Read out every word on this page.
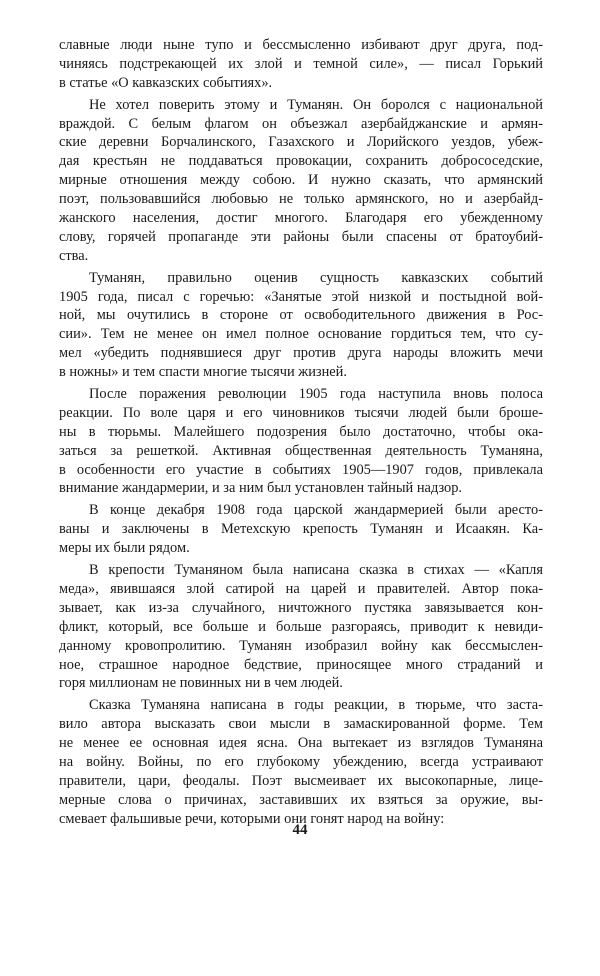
славные люди ныне тупо и бессмысленно избивают друг друга, под-
чиняясь подстрекающей их злой и темной силе», — писал Горький
в статье «О кавказских событиях».
Не хотел поверить этому и Туманян. Он боролся с национальной
враждой. С белым флагом он объезжал азербайджанские и армян-
ские деревни Борчалинского, Газахского и Лорийского уездов, убеж-
дая крестьян не поддаваться провокации, сохранить добрососедские,
мирные отношения между собою. И нужно сказать, что армянский
поэт, пользовавшийся любовью не только армянского, но и азербайд-
жанского населения, достиг многого. Благодаря его убежденному
слову, горячей пропаганде эти районы были спасены от братоубий-
ства.
Туманян, правильно оценив сущность кавказских событий
1905 года, писал с горечью: «Занятые этой низкой и постыдной вой-
ной, мы очутились в стороне от освободительного движения в Рос-
сии». Тем не менее он имел полное основание гордиться тем, что су-
мел «убедить поднявшиеся друг против друга народы вложить мечи
в ножны» и тем спасти многие тысячи жизней.
После поражения революции 1905 года наступила вновь полоса
реакции. По воле царя и его чиновников тысячи людей были броше-
ны в тюрьмы. Малейшего подозрения было достаточно, чтобы ока-
заться за решеткой. Активная общественная деятельность Туманяна,
в особенности его участие в событиях 1905—1907 годов, привлекала
внимание жандармерии, и за ним был установлен тайный надзор.
В конце декабря 1908 года царской жандармерией были аресто-
ваны и заключены в Метехскую крепость Туманян и Исаакян. Ка-
меры их были рядом.
В крепости Туманяном была написана сказка в стихах — «Капля
меда», явившаяся злой сатирой на царей и правителей. Автор пока-
зывает, как из-за случайного, ничтожного пустяка завязывается кон-
фликт, который, все больше и больше разгораясь, приводит к невиди-
данному кровопролитию. Туманян изобразил войну как бессмыслен-
ное, страшное народное бедствие, приносящее много страданий и
горя миллионам не повинных ни в чем людей.
Сказка Туманяна написана в годы реакции, в тюрьме, что заста-
вило автора высказать свои мысли в замаскированной форме. Тем
не менее ее основная идея ясна. Она вытекает из взглядов Туманяна
на войну. Войны, по его глубокому убеждению, всегда устраивают
правители, цари, феодалы. Поэт высмеивает их высокопарные, лице-
мерные слова о причинах, заставивших их взяться за оружие, вы-
смевает фальшивые речи, которыми они гонят народ на войну:
44
